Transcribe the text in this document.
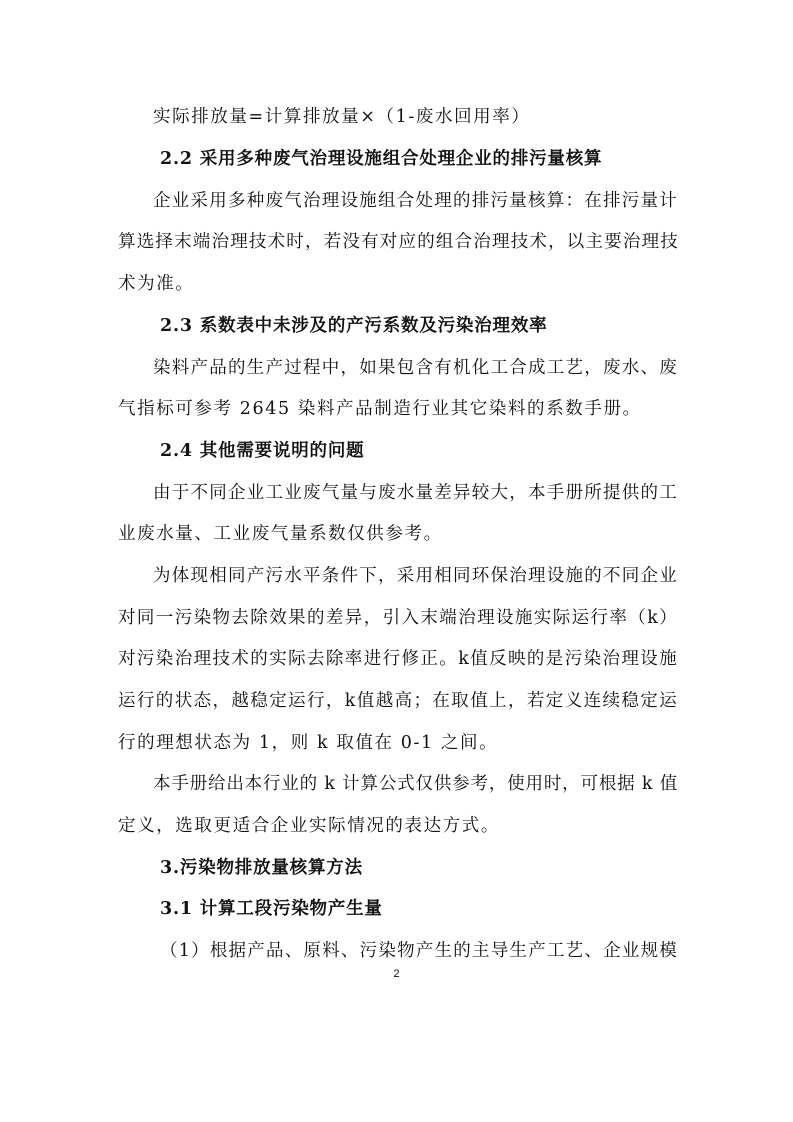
实际排放量=计算排放量×（1-废水回用率）
2.2 采用多种废气治理设施组合处理企业的排污量核算
企业采用多种废气治理设施组合处理的排污量核算：在排污量计
算选择末端治理技术时，若没有对应的组合治理技术，以主要治理技
术为准。
2.3 系数表中未涉及的产污系数及污染治理效率
染料产品的生产过程中，如果包含有机化工合成工艺，废水、废
气指标可参考 2645 染料产品制造行业其它染料的系数手册。
2.4 其他需要说明的问题
由于不同企业工业废气量与废水量差异较大，本手册所提供的工
业废水量、工业废气量系数仅供参考。
为体现相同产污水平条件下，采用相同环保治理设施的不同企业
对同一污染物去除效果的差异，引入末端治理设施实际运行率（k）
对污染治理技术的实际去除率进行修正。k值反映的是污染治理设施
运行的状态，越稳定运行，k值越高；在取值上，若定义连续稳定运
行的理想状态为 1，则 k 取值在 0-1 之间。
本手册给出本行业的 k 计算公式仅供参考，使用时，可根据 k 值
定义，选取更适合企业实际情况的表达方式。
3.污染物排放量核算方法
3.1 计算工段污染物产生量
（1）根据产品、原料、污染物产生的主导生产工艺、企业规模
2
